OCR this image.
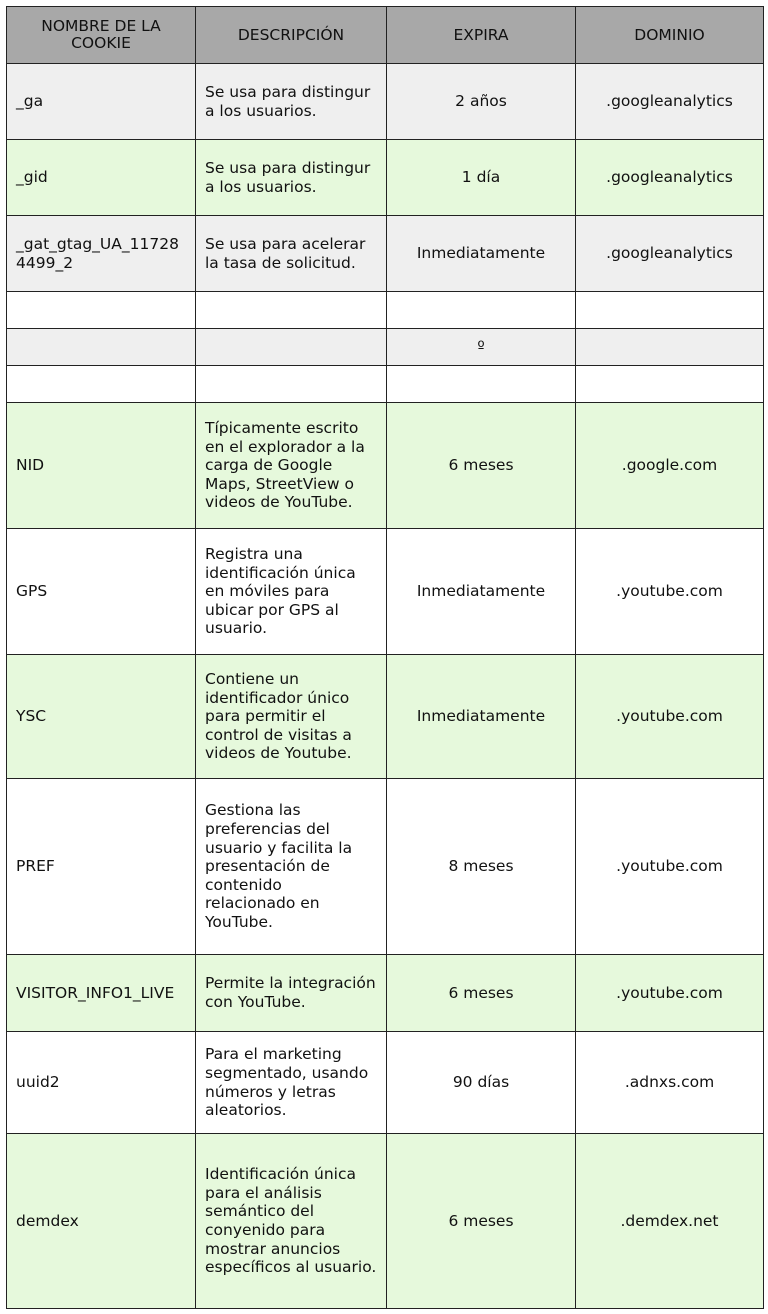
NOMBRE DE LA COOKIE	DESCRIPCIÓN	EXPIRA	DOMINIO
_ga	Se usa para distingur a los usuarios.	2 años	.googleanalytics
_gid	Se usa para distingur a los usuarios.	1 día	.googleanalytics
_gat_gtag_UA_117284499_2	Se usa para acelerar la tasa de solicitud.	Inmediatamente	.googleanalytics

		º	

NID	Típicamente escrito en el explorador a la carga de Google Maps, StreetView o videos de YouTube.	6 meses	.google.com
GPS	Registra una identificación única en móviles para ubicar por GPS al usuario.	Inmediatamente	.youtube.com
YSC	Contiene un identificador único para permitir el control de visitas a videos de Youtube.	Inmediatamente	.youtube.com
PREF	Gestiona las preferencias del usuario y facilita la presentación de contenido relacionado en YouTube.	8 meses	.youtube.com
VISITOR_INFO1_LIVE	Permite la integración con YouTube.	6 meses	.youtube.com
uuid2	Para el marketing segmentado, usando números y letras aleatorios.	90 días	.adnxs.com
demdex	Identificación única para el análisis semántico del conyenido para mostrar anuncios específicos al usuario.	6 meses	.demdex.net
